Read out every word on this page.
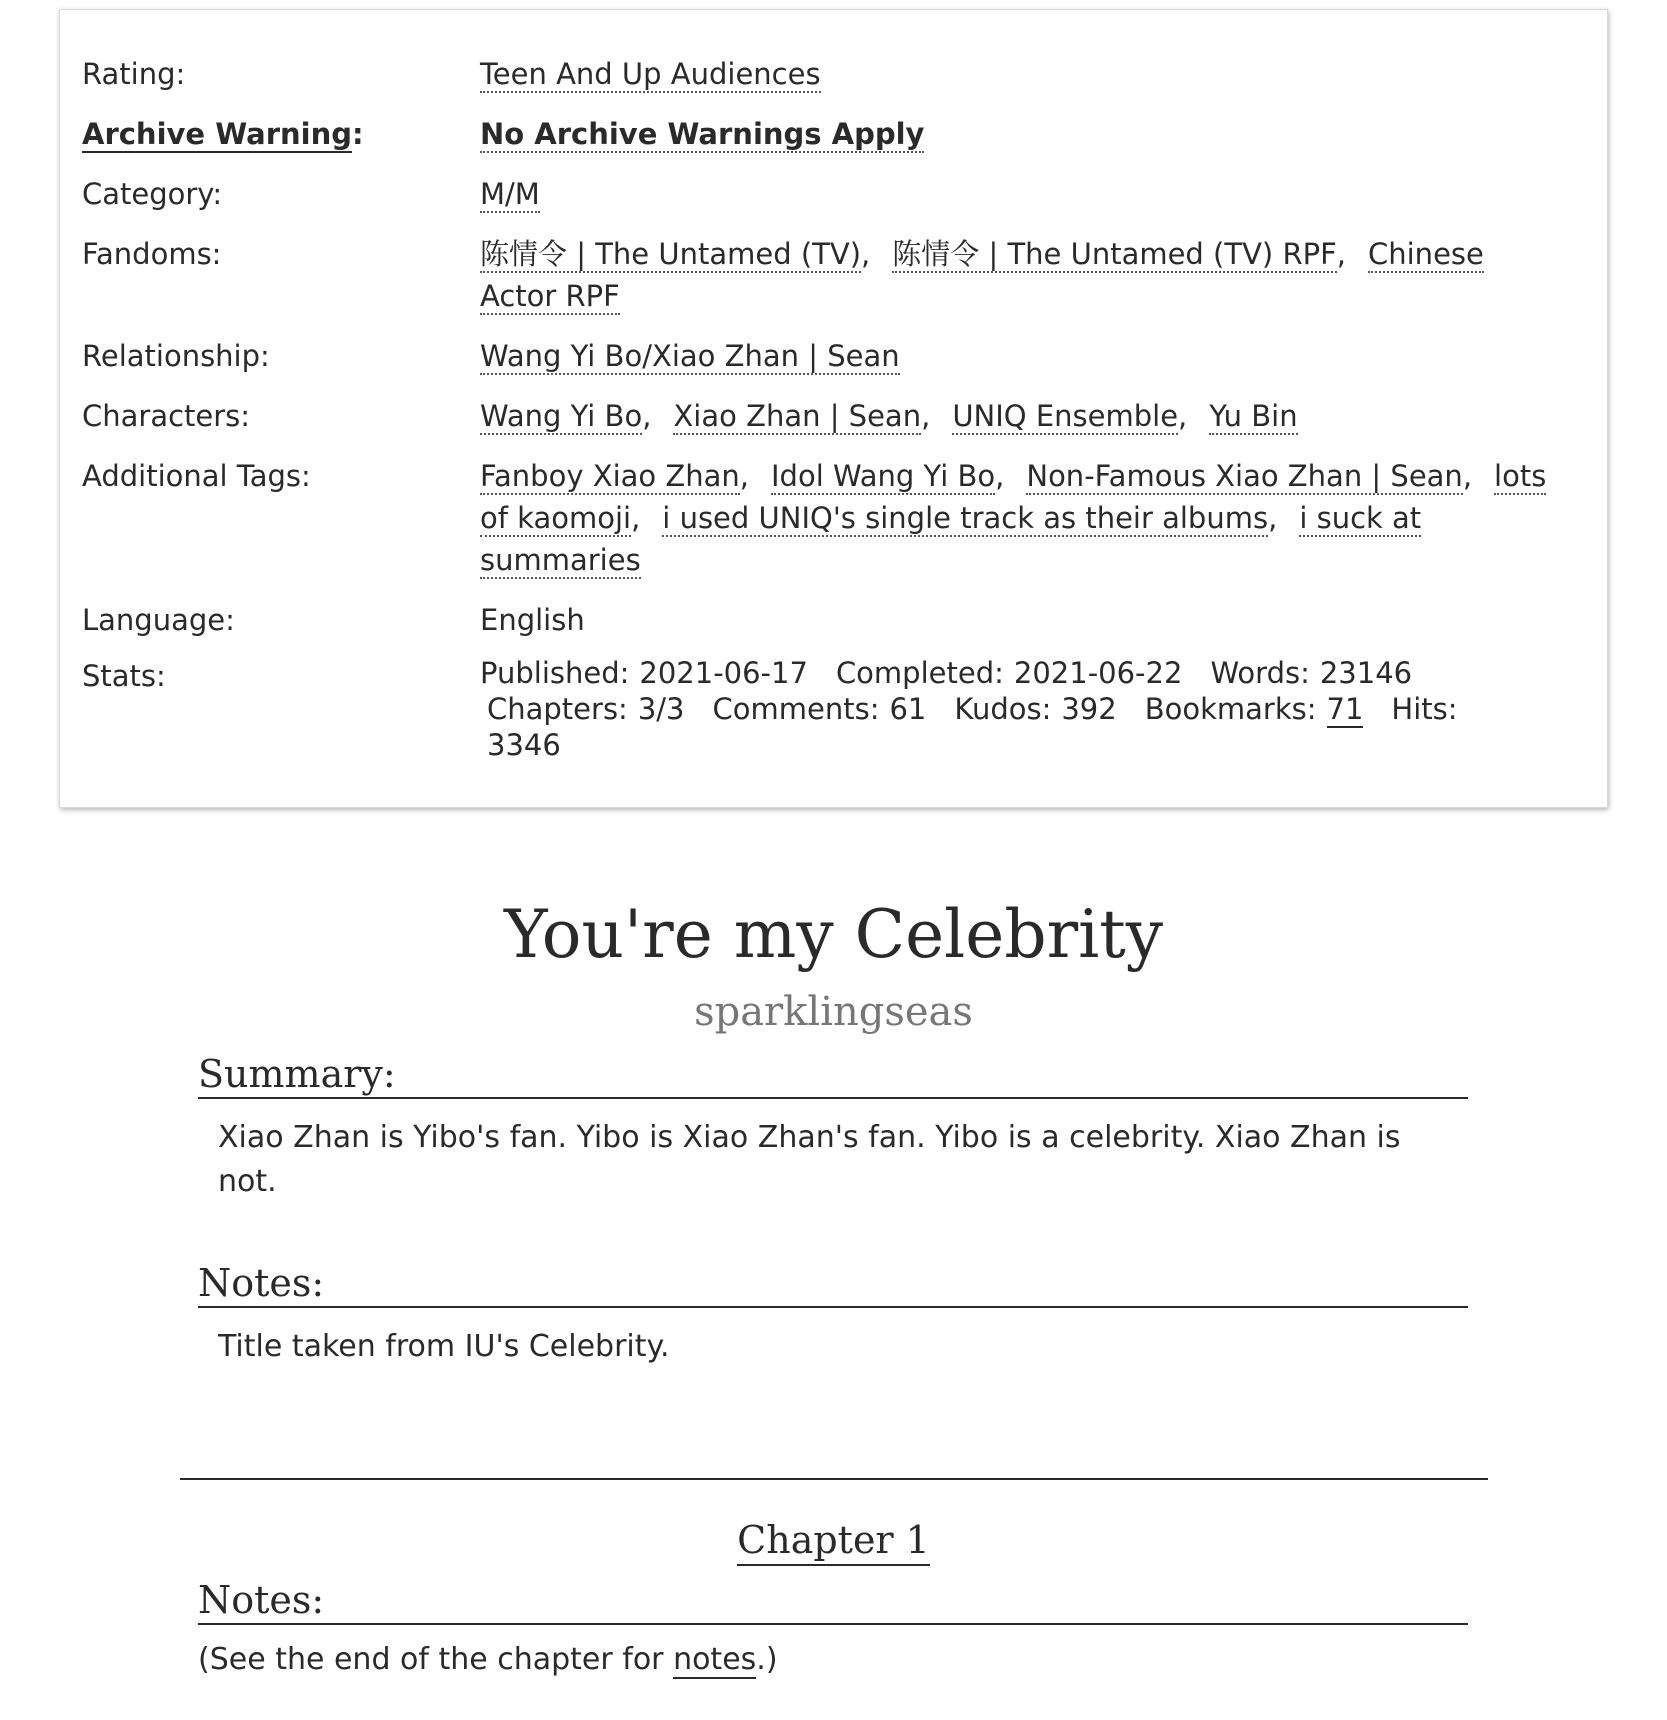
Rating:	Teen And Up Audiences
Archive Warning:	No Archive Warnings Apply
Category:	M/M
Fandoms:	陈情令 | The Untamed (TV), 陈情令 | The Untamed (TV) RPF, Chinese Actor RPF
Relationship:	Wang Yi Bo/Xiao Zhan | Sean
Characters:	Wang Yi Bo, Xiao Zhan | Sean, UNIQ Ensemble, Yu Bin
Additional Tags:	Fanboy Xiao Zhan, Idol Wang Yi Bo, Non-Famous Xiao Zhan | Sean, lots of kaomoji, i used UNIQ's single track as their albums, i suck at summaries
Language:	English
Stats:	Published: 2021-06-17 Completed: 2021-06-22 Words: 23146
Chapters: 3/3 Comments: 61 Kudos: 392 Bookmarks: 71 Hits:
3346
You're my Celebrity
sparklingseas
Summary:
Xiao Zhan is Yibo's fan. Yibo is Xiao Zhan's fan. Yibo is a celebrity. Xiao Zhan is not.
Notes:
Title taken from IU's Celebrity.
Chapter 1
Notes:
(See the end of the chapter for notes.)
